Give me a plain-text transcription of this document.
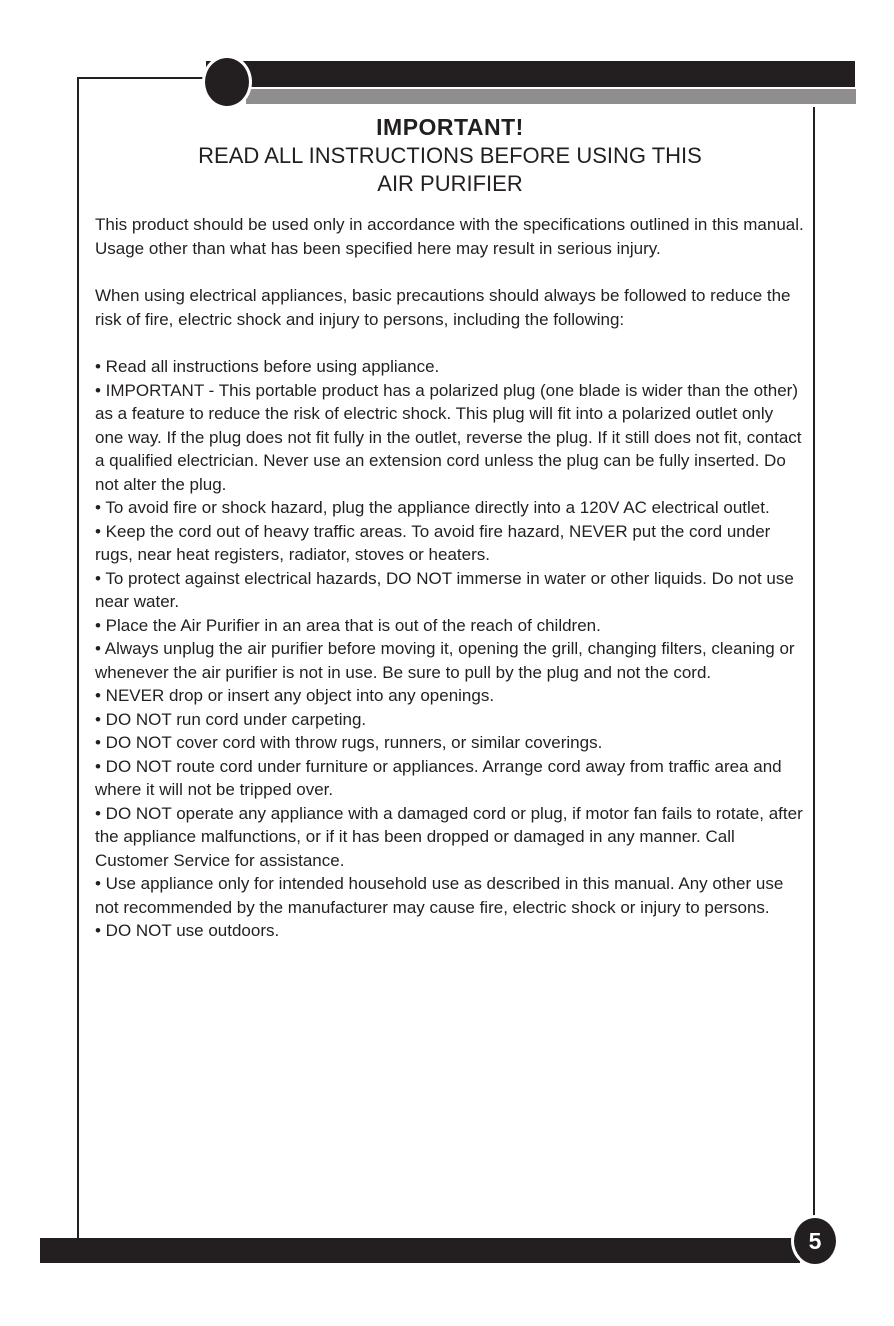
IMPORTANT!
READ ALL INSTRUCTIONS BEFORE USING THIS
AIR PURIFIER

This product should be used only in accordance with the specifications outlined in this manual. Usage other than what has been specified here may result in serious injury.

When using electrical appliances, basic precautions should always be followed to reduce the risk of fire, electric shock and injury to persons, including the following:

• Read all instructions before using appliance.

• IMPORTANT - This portable product has a polarized plug (one blade is wider than the other) as a feature to reduce the risk of electric shock. This plug will fit into a polarized outlet only one way. If the plug does not fit fully in the outlet, reverse the plug. If it still does not fit, contact a qualified electrician. Never use an extension cord unless the plug can be fully inserted. Do not alter the plug.

• To avoid fire or shock hazard, plug the appliance directly into a 120V AC electrical outlet.

• Keep the cord out of heavy traffic areas. To avoid fire hazard, NEVER put the cord under rugs, near heat registers, radiator, stoves or heaters.

• To protect against electrical hazards, DO NOT immerse in water or other liquids. Do not use near water.

• Place the Air Purifier in an area that is out of the reach of children.

• Always unplug the air purifier before moving it, opening the grill, changing filters, cleaning or whenever the air purifier is not in use. Be sure to pull by the plug and not the cord.

• NEVER drop or insert any object into any openings.

• DO NOT run cord under carpeting.

• DO NOT cover cord with throw rugs, runners, or similar coverings.

• DO NOT route cord under furniture or appliances. Arrange cord away from traffic area and where it will not be tripped over.

• DO NOT operate any appliance with a damaged cord or plug, if motor fan fails to rotate, after the appliance malfunctions, or if it has been dropped or damaged in any manner. Call Customer Service for assistance.

• Use appliance only for intended household use as described in this manual. Any other use not recommended by the manufacturer may cause fire, electric shock or injury to persons.

• DO NOT use outdoors.

5
